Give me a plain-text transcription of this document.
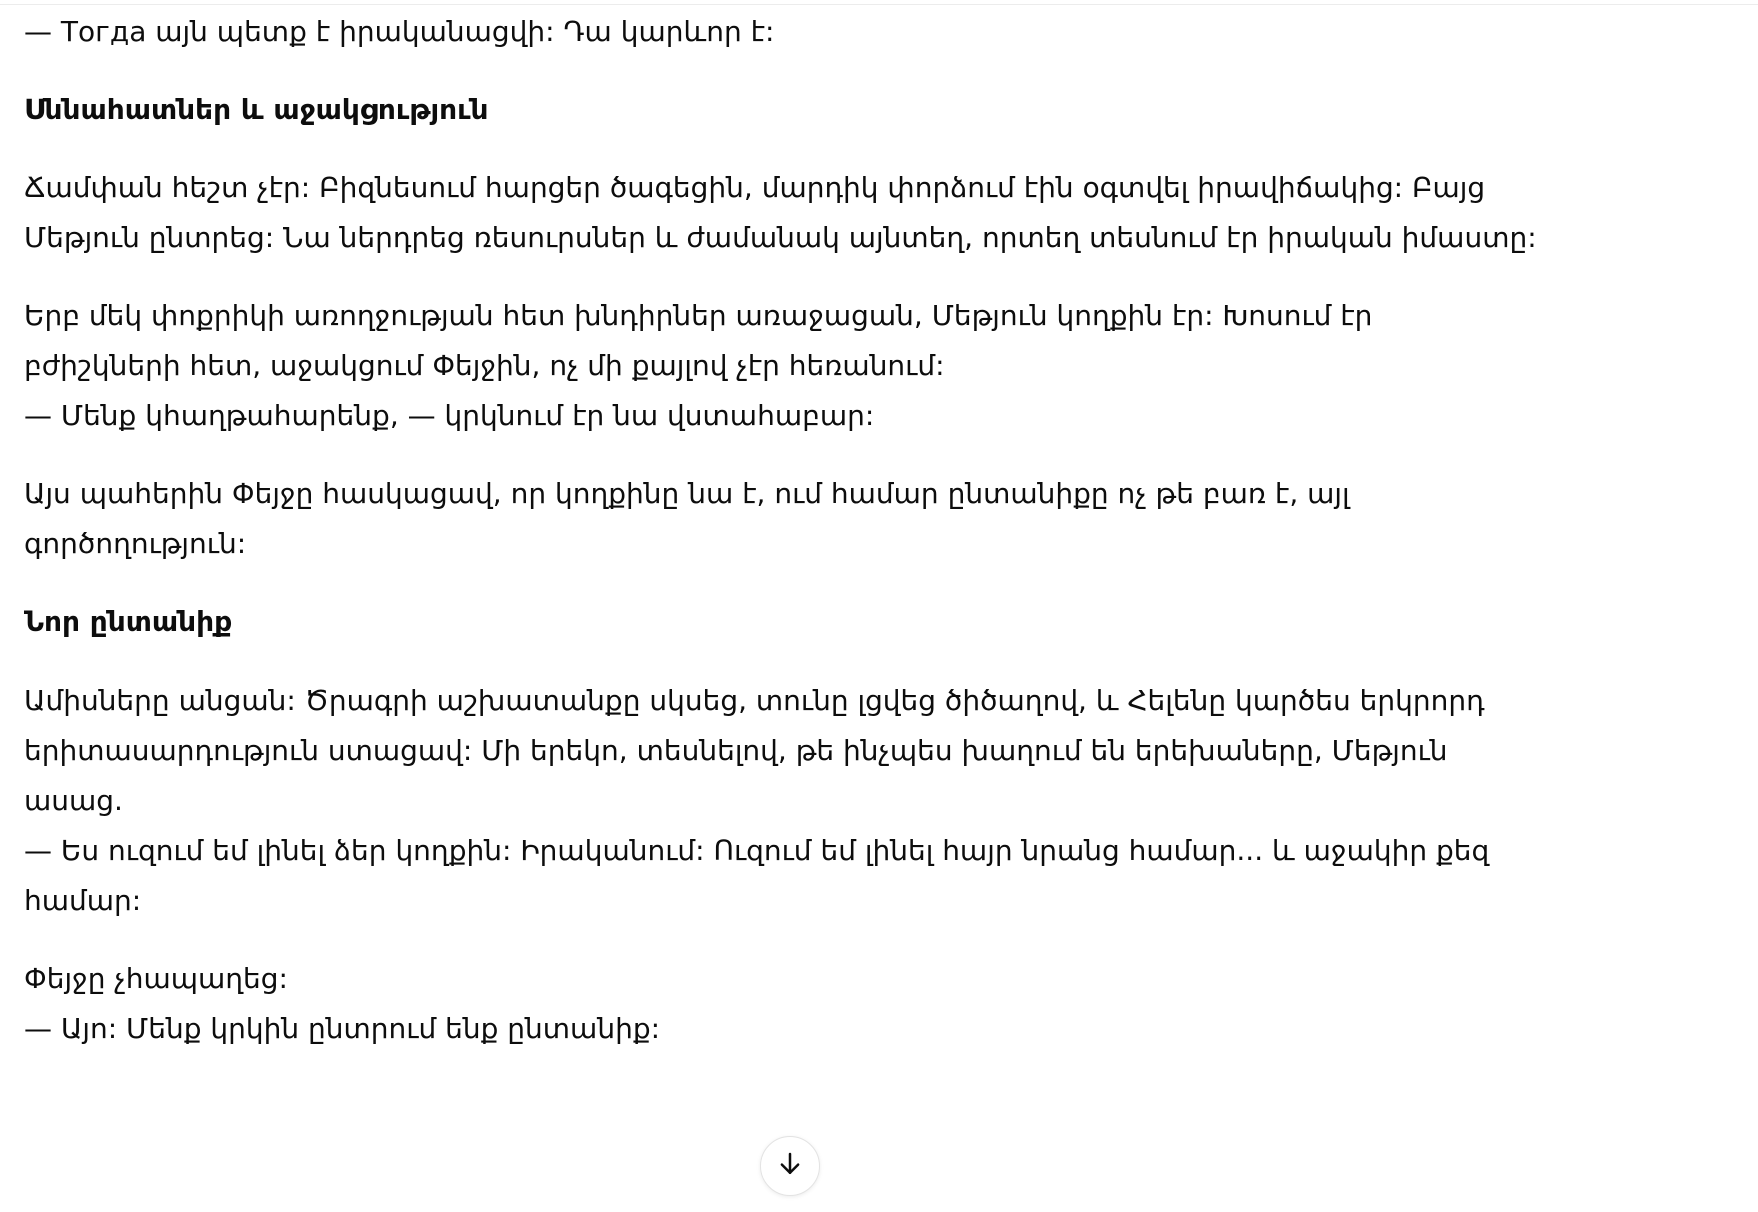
— Тогда այն պետք է իրականացվի: Դա կարևոր է:
Սննահատներ և աջակցություն
Ճամփան հեշտ չէր: Բիզնեսում հարցեր ծագեցին, մարդիկ փորձում էին օգտվել իրավիճակից: Բայց
Մեթյուն ընտրեց: Նա ներդրեց ռեսուրսներ և ժամանակ այնտեղ, որտեղ տեսնում էր իրական իմաստը:
Երբ մեկ փոքրիկի առողջության հետ խնդիրներ առաջացան, Մեթյուն կողքին էր: Խոսում էր
բժիշկների հետ, աջակցում Փեյջին, ոչ մի քայլով չէր հեռանում:
— Մենք կհաղթահարենք, — կրկնում էր նա վստահաբար:
Այս պահերին Փեյջը հասկացավ, որ կողքինը նա է, ում համար ընտանիքը ոչ թե բառ է, այլ
գործողություն:
Նոր ընտանիք
Ամիսները անցան: Ծրագրի աշխատանքը սկսեց, տունը լցվեց ծիծաղով, և Հելենը կարծես երկրորդ
երիտասարդություն ստացավ: Մի երեկո, տեսնելով, թե ինչպես խաղում են երեխաները, Մեթյուն
ասաց.
— Ես ուզում եմ լինել ձեր կողքին: Իրականում: Ուզում եմ լինել հայր նրանց համար... և աջակիր քեզ
համար:
Փեյջը չհապաղեց:
— Այո: Մենք կրկին ընտրում ենք ընտանիք:
